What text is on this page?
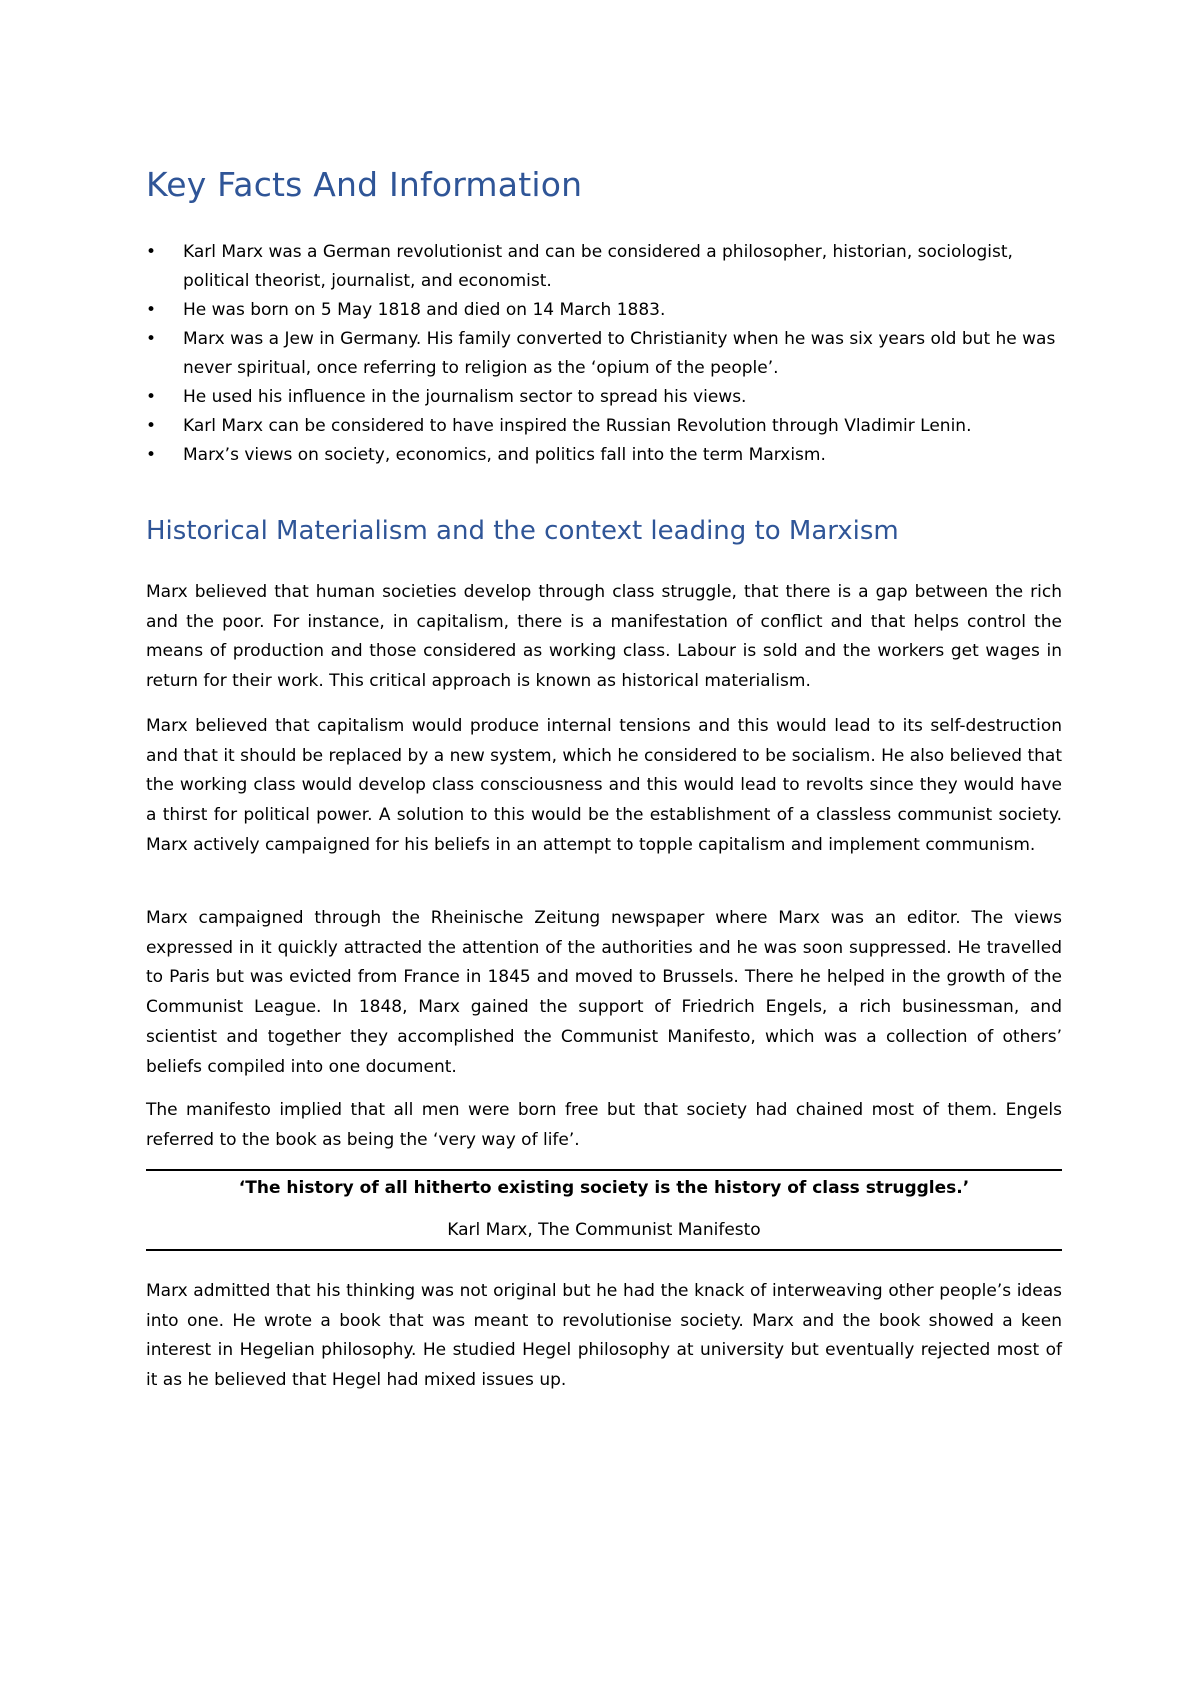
Key Facts And Information
• Karl Marx was a German revolutionist and can be considered a philosopher, historian, sociologist, political theorist, journalist, and economist.
• He was born on 5 May 1818 and died on 14 March 1883.
• Marx was a Jew in Germany. His family converted to Christianity when he was six years old but he was never spiritual, once referring to religion as the ‘opium of the people’.
• He used his influence in the journalism sector to spread his views.
• Karl Marx can be considered to have inspired the Russian Revolution through Vladimir Lenin.
• Marx’s views on society, economics, and politics fall into the term Marxism.
Historical Materialism and the context leading to Marxism

Marx believed that human societies develop through class struggle, that there is a gap between the rich and the poor. For instance, in capitalism, there is a manifestation of conflict and that helps control the means of production and those considered as working class. Labour is sold and the workers get wages in return for their work. This critical approach is known as historical materialism.

Marx believed that capitalism would produce internal tensions and this would lead to its self-destruction and that it should be replaced by a new system, which he considered to be socialism. He also believed that the working class would develop class consciousness and this would lead to revolts since they would have a thirst for political power. A solution to this would be the establishment of a classless communist society. Marx actively campaigned for his beliefs in an attempt to topple capitalism and implement communism.

Marx campaigned through the Rheinische Zeitung newspaper where Marx was an editor. The views expressed in it quickly attracted the attention of the authorities and he was soon suppressed. He travelled to Paris but was evicted from France in 1845 and moved to Brussels. There he helped in the growth of the Communist League. In 1848, Marx gained the support of Friedrich Engels, a rich businessman, and scientist and together they accomplished the Communist Manifesto, which was a collection of others’ beliefs compiled into one document.

The manifesto implied that all men were born free but that society had chained most of them. Engels referred to the book as being the ‘very way of life’.

‘The history of all hitherto existing society is the history of class struggles.’

Karl Marx, The Communist Manifesto

Marx admitted that his thinking was not original but he had the knack of interweaving other people’s ideas into one. He wrote a book that was meant to revolutionise society. Marx and the book showed a keen interest in Hegelian philosophy. He studied Hegel philosophy at university but eventually rejected most of it as he believed that Hegel had mixed issues up.
